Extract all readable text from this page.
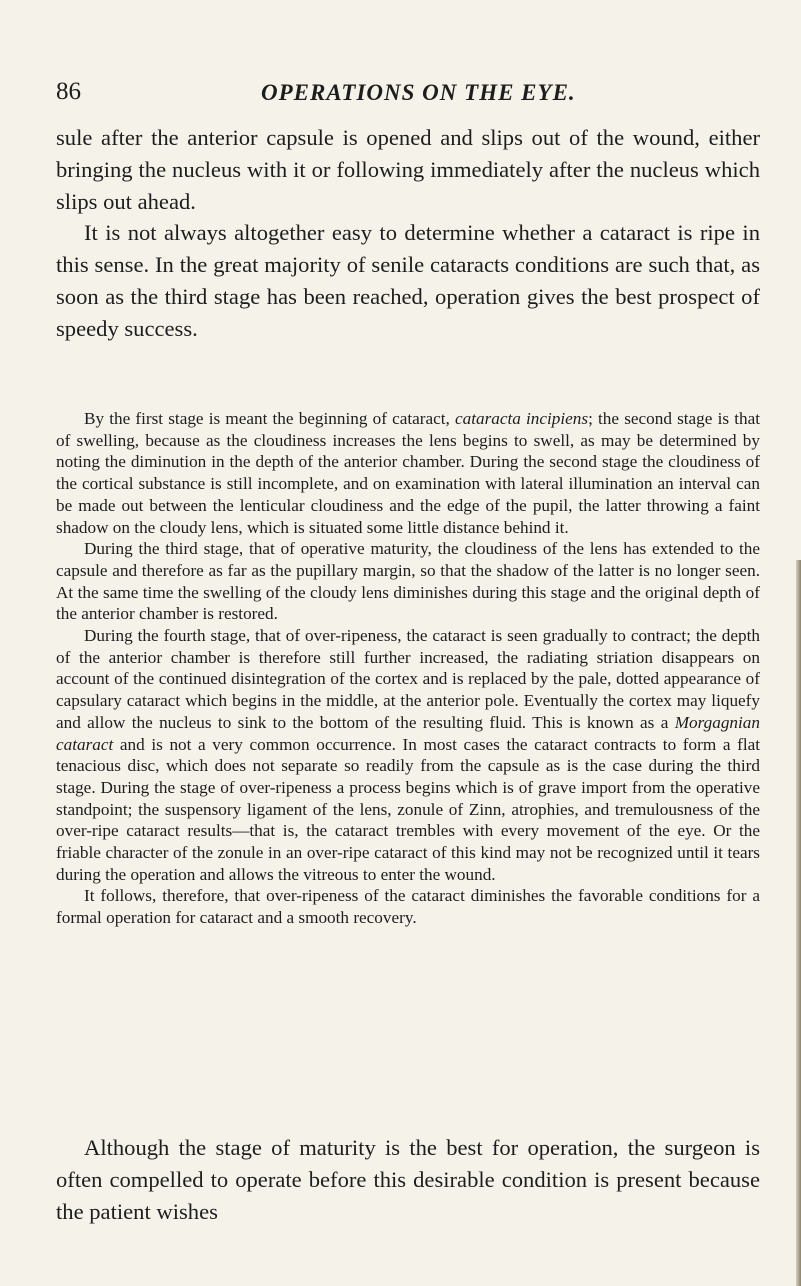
86	OPERATIONS ON THE EYE.

sule after the anterior capsule is opened and slips out of the wound, either bringing the nucleus with it or following immediately after the nucleus which slips out ahead.

It is not always altogether easy to determine whether a cataract is ripe in this sense. In the great majority of senile cataracts conditions are such that, as soon as the third stage has been reached, operation gives the best prospect of speedy success.

By the first stage is meant the beginning of cataract, cataracta incipiens; the second stage is that of swelling, because as the cloudiness increases the lens begins to swell, as may be determined by noting the diminution in the depth of the anterior chamber. During the second stage the cloudiness of the cortical substance is still incomplete, and on examination with lateral illumination an interval can be made out between the lenticular cloudiness and the edge of the pupil, the latter throwing a faint shadow on the cloudy lens, which is situated some little distance behind it.

During the third stage, that of operative maturity, the cloudiness of the lens has extended to the capsule and therefore as far as the pupillary margin, so that the shadow of the latter is no longer seen. At the same time the swelling of the cloudy lens diminishes during this stage and the original depth of the anterior chamber is restored.

During the fourth stage, that of over-ripeness, the cataract is seen gradually to contract; the depth of the anterior chamber is therefore still further increased, the radiating striation disappears on account of the continued disintegration of the cortex and is replaced by the pale, dotted appearance of capsulary cataract which begins in the middle, at the anterior pole. Eventually the cortex may liquefy and allow the nucleus to sink to the bottom of the resulting fluid. This is known as a Morgagnian cataract and is not a very common occurrence. In most cases the cataract contracts to form a flat tenacious disc, which does not separate so readily from the capsule as is the case during the third stage. During the stage of over-ripeness a process begins which is of grave import from the operative standpoint; the suspensory ligament of the lens, zonule of Zinn, atrophies, and tremulousness of the over-ripe cataract results—that is, the cataract trembles with every movement of the eye. Or the friable character of the zonule in an over-ripe cataract of this kind may not be recognized until it tears during the operation and allows the vitreous to enter the wound.

It follows, therefore, that over-ripeness of the cataract diminishes the favorable conditions for a formal operation for cataract and a smooth recovery.

Although the stage of maturity is the best for operation, the surgeon is often compelled to operate before this desirable condition is present because the patient wishes
